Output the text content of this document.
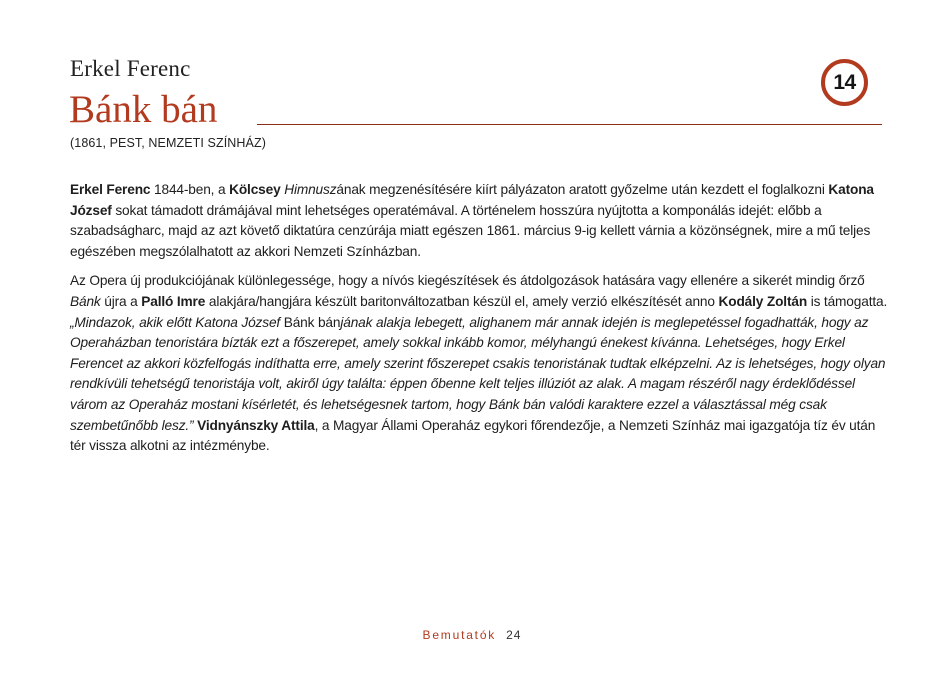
Erkel Ferenc
Bánk bán
(1861, PEST, NEMZETI SZÍNHÁZ)
14

Erkel Ferenc 1844-ben, a Kölcsey Himnuszának megzenésítésére kiírt pályázaton aratott győzelme után kezdett el foglalkozni Katona József sokat támadott drámájával mint lehetséges operatémával. A történelem hosszúra nyújtotta a komponálás idejét: előbb a szabadságharc, majd az azt követő diktatúra cenzúrája miatt egészen 1861. március 9-ig kellett várnia a közönségnek, mire a mű teljes egészében megszólalhatott az akkori Nemzeti Színházban.

Az Opera új produkciójának különlegessége, hogy a nívós kiegészítések és átdolgozások hatására vagy ellenére a sikerét mindig őrző Bánk újra a Palló Imre alakjára/hangjára készült baritonváltozatban készül el, amely verzió elkészítését anno Kodály Zoltán is támogatta. „Mindazok, akik előtt Katona József Bánk bánjának alakja lebegett, alighanem már annak idején is meglepetéssel fogadhatták, hogy az Operaházban tenoristára bízták ezt a főszerepet, amely sokkal inkább komor, mélyhangú énekest kívánna. Lehetséges, hogy Erkel Ferencet az akkori közfelfogás indíthatta erre, amely szerint főszerepet csakis tenoristának tudtak elképzelni. Az is lehetséges, hogy olyan rendkívüli tehetségű tenoristája volt, akiről úgy találta: éppen őbenne kelt teljes illúziót az alak. A magam részéről nagy érdeklődéssel várom az Operaház mostani kísérletét, és lehetségesnek tartom, hogy Bánk bán valódi karaktere ezzel a választással még csak szembetűnőbb lesz.” Vidnyánszky Attila, a Magyar Állami Operaház egykori főrendezője, a Nemzeti Színház mai igazgatója tíz év után tér vissza alkotni az intézménybe.

Bemutatók 24
